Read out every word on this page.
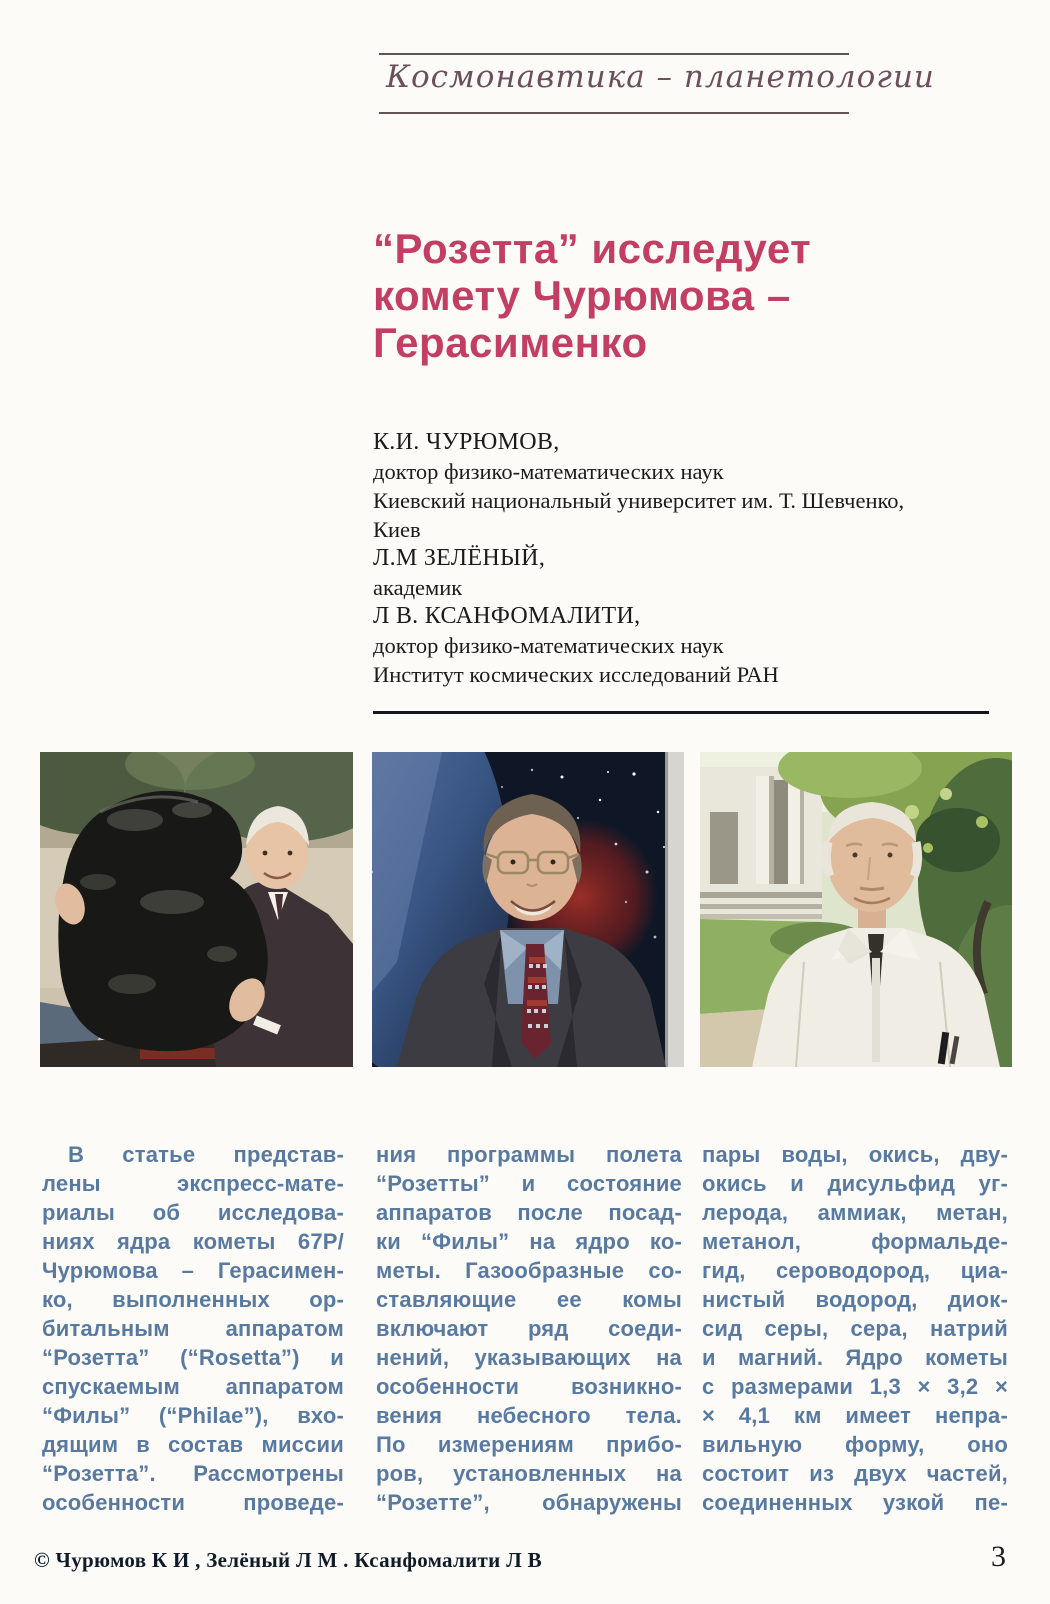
Космонавтика – планетологии
“Розетта” исследует
комету Чурюмова –
Герасименко
К.И. ЧУРЮМОВ,
доктор физико-математических наук
Киевский национальный университет им. Т. Шевченко,
Киев
Л.М ЗЕЛЁНЫЙ,
академик
Л В. КСАНФОМАЛИТИ,
доктор физико-математических наук
Институт космических исследований РАН
В статье представ-
лены экспресс-мате-
риалы об исследова-
ниях ядра кометы 67Р/
Чурюмова – Герасимен-
ко, выполненных ор-
битальным аппаратом
“Розетта” (“Rosetta”) и
спускаемым аппаратом
“Филы” (“Philae”), вхо-
дящим в состав миссии
“Розетта”. Рассмотрены
особенности проведе-
ния программы полета
“Розетты” и состояние
аппаратов после посад-
ки “Филы” на ядро ко-
меты. Газообразные со-
ставляющие ее комы
включают ряд соеди-
нений, указывающих на
особенности возникно-
вения небесного тела.
По измерениям прибо-
ров, установленных на
“Розетте”, обнаружены
пары воды, окись, дву-
окись и дисульфид уг-
лерода, аммиак, метан,
метанол, формальде-
гид, сероводород, циа-
нистый водород, диок-
сид серы, сера, натрий
и магний. Ядро кометы
с размерами 1,3 × 3,2 ×
× 4,1 км имеет непра-
вильную форму, оно
состоит из двух частей,
соединенных узкой пе-
© Чурюмов К И , Зелёный Л М . Ксанфомалити Л В	3
